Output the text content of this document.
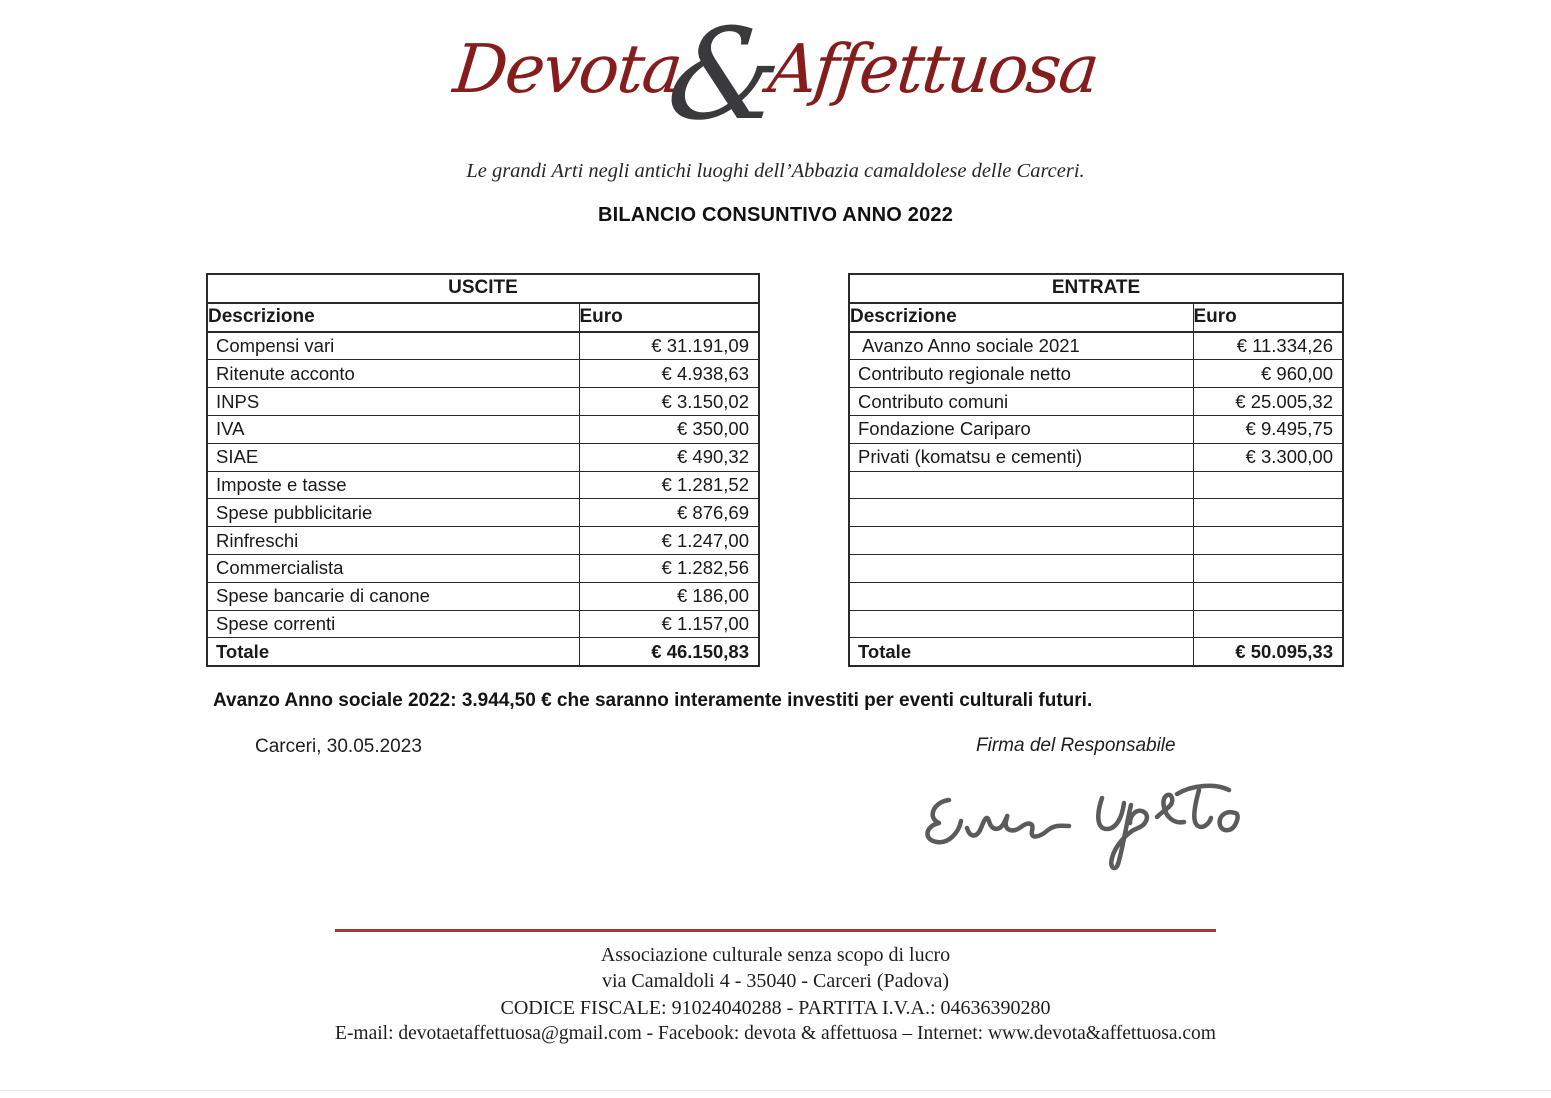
Devota&Affettuosa
Le grandi Arti negli antichi luoghi dell’Abbazia camaldolese delle Carceri.
BILANCIO CONSUNTIVO ANNO 2022
USCITE	
Descrizione	Euro
Compensi vari	€ 31.191,09
Ritenute acconto	€ 4.938,63
INPS	€ 3.150,02
IVA	€ 350,00
SIAE	€ 490,32
Imposte e tasse	€ 1.281,52
Spese pubblicitarie	€ 876,69
Rinfreschi	€ 1.247,00
Commercialista	€ 1.282,56
Spese bancarie di canone	€ 186,00
Spese correnti	€ 1.157,00
Totale	€ 46.150,83
ENTRATE	
Descrizione	Euro
Avanzo Anno sociale 2021	€ 11.334,26
Contributo regionale netto	€ 960,00
Contributo comuni	€ 25.005,32
Fondazione Cariparo	€ 9.495,75
Privati (komatsu e cementi)	€ 3.300,00

Totale	€ 50.095,33
Avanzo Anno sociale 2022: 3.944,50 € che saranno interamente investiti per eventi culturali futuri.
Carceri, 30.05.2023	Firma del Responsabile
Associazione culturale senza scopo di lucro
via Camaldoli 4 - 35040 - Carceri (Padova)
CODICE FISCALE: 91024040288 - PARTITA I.V.A.: 04636390280
E-mail: devotaetaffettuosa@gmail.com - Facebook: devota & affettuosa – Internet: www.devota&affettuosa.com
